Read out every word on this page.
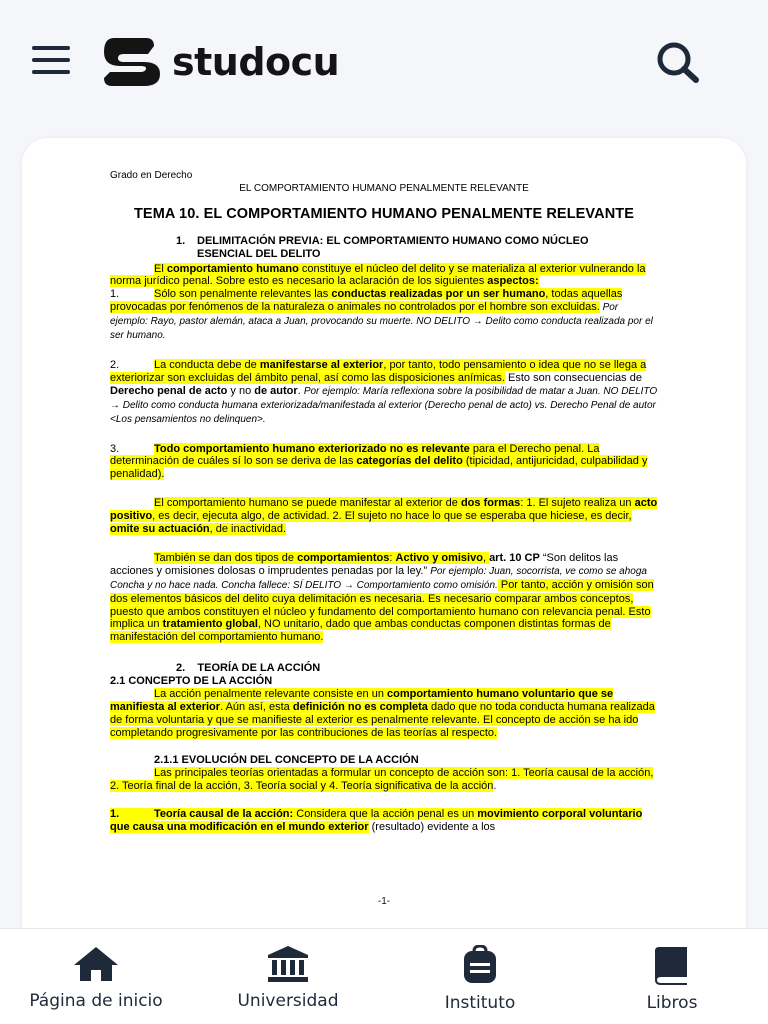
studocu

Grado en Derecho

EL COMPORTAMIENTO HUMANO PENALMENTE RELEVANTE

TEMA 10. EL COMPORTAMIENTO HUMANO PENALMENTE RELEVANTE

1.	DELIMITACIÓN PREVIA: EL COMPORTAMIENTO HUMANO COMO NÚCLEO
ESENCIAL DEL DELITO

El comportamiento humano constituye el núcleo del delito y se materializa al exterior vulnerando la norma jurídico penal. Sobre esto es necesario la aclaración de los siguientes aspectos:

1.	Sólo son penalmente relevantes las conductas realizadas por un ser humano, todas aquellas provocadas por fenómenos de la naturaleza o animales no controlados por el hombre son excluidas. Por ejemplo: Rayo, pastor alemán, ataca a Juan, provocando su muerte. NO DELITO → Delito como conducta realizada por el ser humano.

2.	La conducta debe de manifestarse al exterior, por tanto, todo pensamiento o idea que no se llega a exteriorizar son excluidas del ámbito penal, así como las disposiciones anímicas. Esto son consecuencias de Derecho penal de acto y no de autor. Por ejemplo: María reflexiona sobre la posibilidad de matar a Juan. NO DELITO → Delito como conducta humana exteriorizada/manifestada al exterior (Derecho penal de acto) vs. Derecho Penal de autor <Los pensamientos no delinquen>.

3.	Todo comportamiento humano exteriorizado no es relevante para el Derecho penal. La determinación de cuáles sí lo son se deriva de las categorías del delito (tipicidad, antijuricidad, culpabilidad y penalidad).

El comportamiento humano se puede manifestar al exterior de dos formas: 1. El sujeto realiza un acto positivo, es decir, ejecuta algo, de actividad. 2. El sujeto no hace lo que se esperaba que hiciese, es decir, omite su actuación, de inactividad.

También se dan dos tipos de comportamientos: Activo y omisivo, art. 10 CP “Son delitos las acciones y omisiones dolosas o imprudentes penadas por la ley.” Por ejemplo: Juan, socorrista, ve como se ahoga Concha y no hace nada. Concha fallece: SÍ DELITO → Comportamiento como omisión. Por tanto, acción y omisión son dos elementos básicos del delito cuya delimitación es necesaria. Es necesario comparar ambos conceptos, puesto que ambos constituyen el núcleo y fundamento del comportamiento humano con relevancia penal. Esto implica un tratamiento global, NO unitario, dado que ambas conductas componen distintas formas de manifestación del comportamiento humano.

2. TEORÍA DE LA ACCIÓN

2.1 CONCEPTO DE LA ACCIÓN

La acción penalmente relevante consiste en un comportamiento humano voluntario que se manifiesta al exterior. Aún así, esta definición no es completa dado que no toda conducta humana realizada de forma voluntaria y que se manifieste al exterior es penalmente relevante. El concepto de acción se ha ido completando progresivamente por las contribuciones de las teorías al respecto.

2.1.1 EVOLUCIÓN DEL CONCEPTO DE LA ACCIÓN

Las principales teorías orientadas a formular un concepto de acción son: 1. Teoría causal de la acción, 2. Teoría final de la acción, 3. Teoría social y 4. Teoría significativa de la acción.

1.	Teoría causal de la acción: Considera que la acción penal es un movimiento corporal voluntario que causa una modificación en el mundo exterior (resultado) evidente a los

-1-

Página de inicio	Universidad	Instituto	Libros
